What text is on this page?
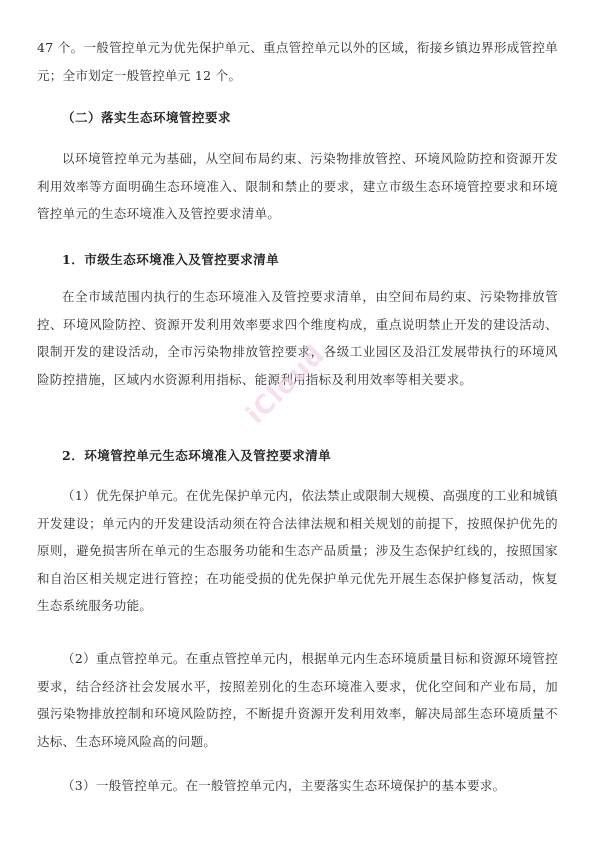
47 个。一般管控单元为优先保护单元、重点管控单元以外的区域，衔接乡镇边界形成管控单元；全市划定一般管控单元 12 个。

（二）落实生态环境管控要求

以环境管控单元为基础，从空间布局约束、污染物排放管控、环境风险防控和资源开发利用效率等方面明确生态环境准入、限制和禁止的要求，建立市级生态环境管控要求和环境管控单元的生态环境准入及管控要求清单。

1．市级生态环境准入及管控要求清单

在全市域范围内执行的生态环境准入及管控要求清单，由空间布局约束、污染物排放管控、环境风险防控、资源开发利用效率要求四个维度构成，重点说明禁止开发的建设活动、限制开发的建设活动，全市污染物排放管控要求，各级工业园区及沿江发展带执行的环境风险防控措施，区域内水资源利用指标、能源利用指标及利用效率等相关要求。

2．环境管控单元生态环境准入及管控要求清单

（1）优先保护单元。在优先保护单元内，依法禁止或限制大规模、高强度的工业和城镇开发建设；单元内的开发建设活动须在符合法律法规和相关规划的前提下，按照保护优先的原则，避免损害所在单元的生态服务功能和生态产品质量；涉及生态保护红线的，按照国家和自治区相关规定进行管控；在功能受损的优先保护单元优先开展生态保护修复活动，恢复生态系统服务功能。

（2）重点管控单元。在重点管控单元内，根据单元内生态环境质量目标和资源环境管控要求，结合经济社会发展水平，按照差别化的生态环境准入要求，优化空间和产业布局，加强污染物排放控制和环境风险防控，不断提升资源开发利用效率，解决局部生态环境质量不达标、生态环境风险高的问题。

（3）一般管控单元。在一般管控单元内，主要落实生态环境保护的基本要求。

iCloud
